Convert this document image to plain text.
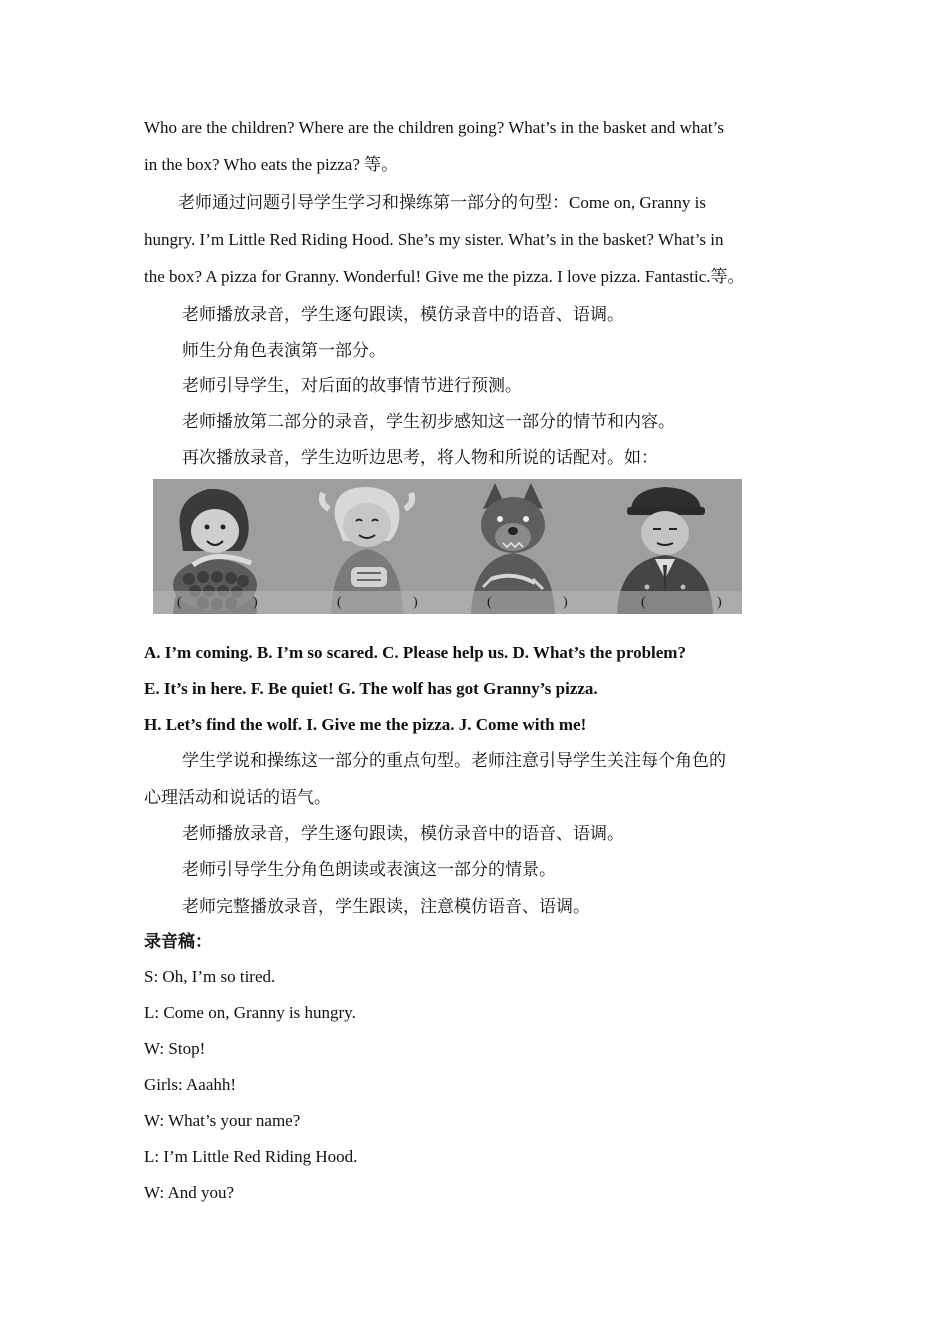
Who are the children? Where are the children going? What’s in the basket and what’s
in the box? Who eats the pizza? 等。
老师通过问题引导学生学习和操练第一部分的句型：Come on, Granny is
hungry. I’m Little Red Riding Hood. She’s my sister. What’s in the basket? What’s in
the box? A pizza for Granny. Wonderful! Give me the pizza. I love pizza. Fantastic.等。
老师播放录音，学生逐句跟读，模仿录音中的语音、语调。
师生分角色表演第一部分。
老师引导学生，对后面的故事情节进行预测。
老师播放第二部分的录音，学生初步感知这一部分的情节和内容。
再次播放录音，学生边听边思考，将人物和所说的话配对。如：
(	)	(	)	(	)	(	)
A. I’m coming. B. I’m so scared. C. Please help us. D. What’s the problem?
E. It’s in here. F. Be quiet! G. The wolf has got Granny’s pizza.
H. Let’s find the wolf. I. Give me the pizza. J. Come with me!
学生学说和操练这一部分的重点句型。老师注意引导学生关注每个角色的
心理活动和说话的语气。
老师播放录音，学生逐句跟读，模仿录音中的语音、语调。
老师引导学生分角色朗读或表演这一部分的情景。
老师完整播放录音，学生跟读，注意模仿语音、语调。
录音稿：
S: Oh, I’m so tired.
L: Come on, Granny is hungry.
W: Stop!
Girls: Aaahh!
W: What’s your name?
L: I’m Little Red Riding Hood.
W: And you?
